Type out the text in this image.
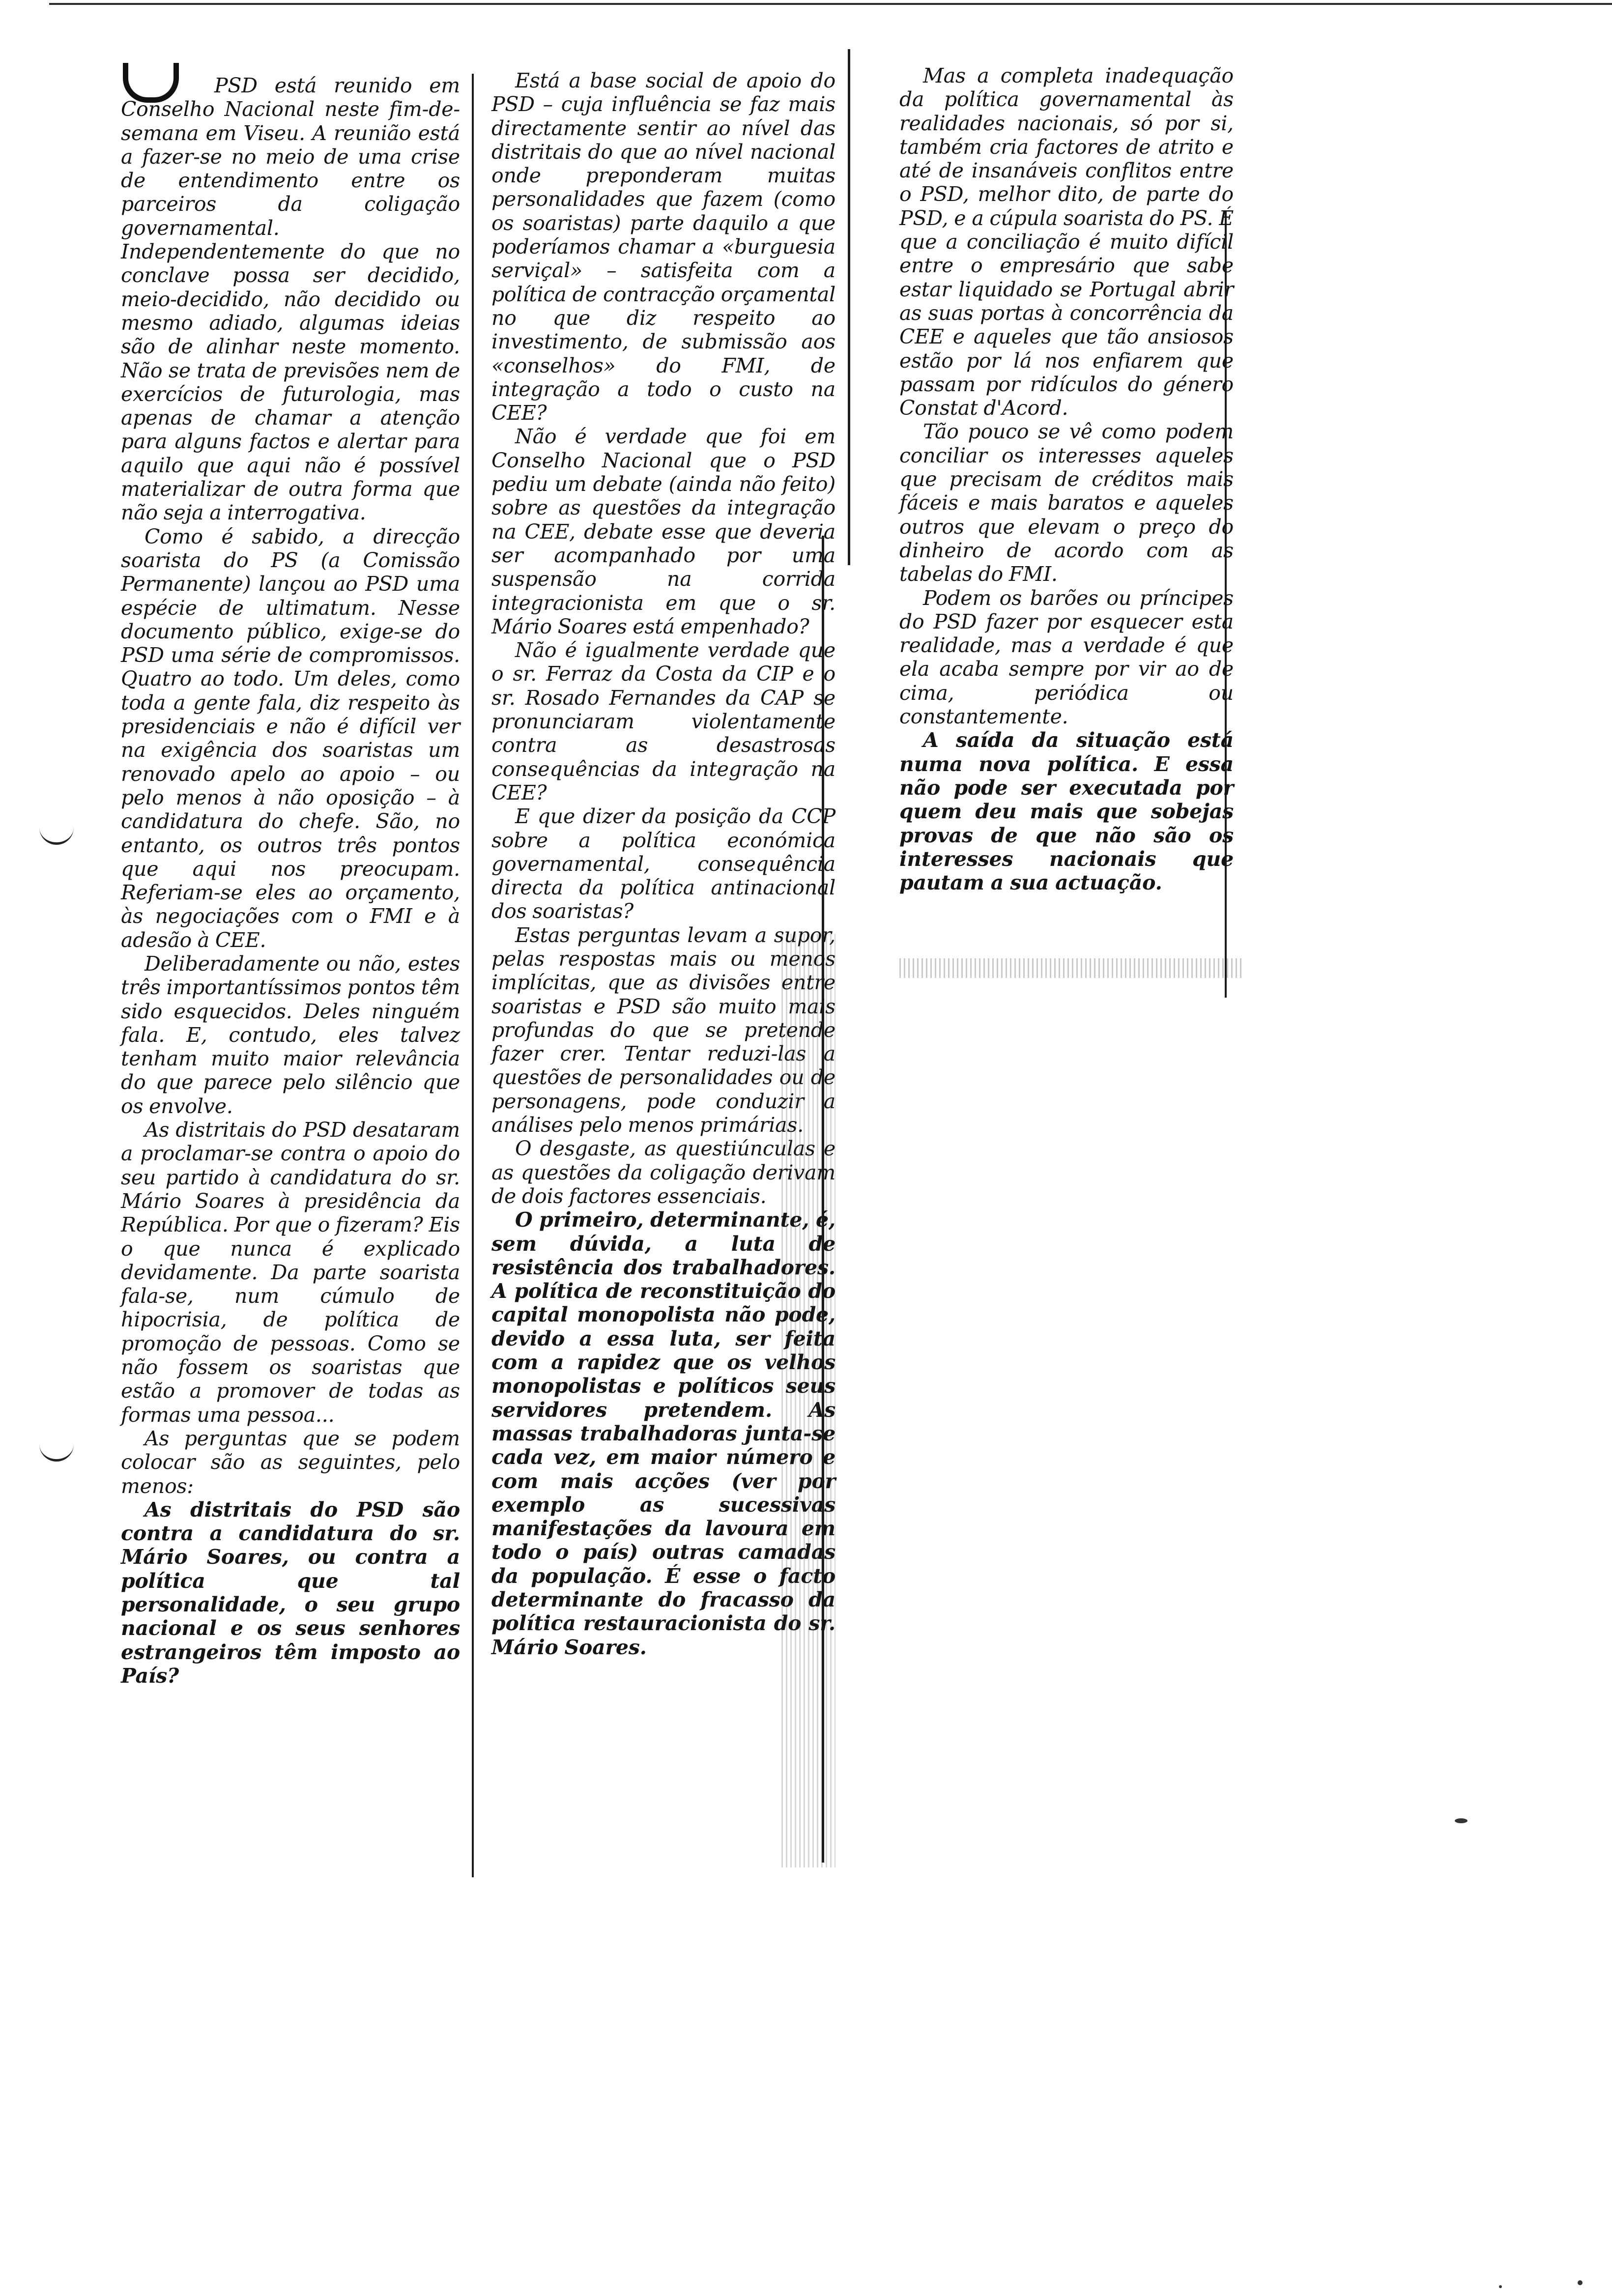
PSD está reunido em Conselho Nacional neste fim-de-semana em Viseu. A reunião está a fazer-se no meio de uma crise de entendimento entre os parceiros da coligação governamental. Independentemente do que no conclave possa ser decidido, meio-decidido, não decidido ou mesmo adiado, algumas ideias são de alinhar neste momento. Não se trata de previsões nem de exercícios de futurologia, mas apenas de chamar a atenção para alguns factos e alertar para aquilo que aqui não é possível materializar de outra forma que não seja a interrogativa.

Como é sabido, a direcção soarista do PS (a Comissão Permanente) lançou ao PSD uma espécie de ultimatum. Nesse documento público, exige-se do PSD uma série de compromissos. Quatro ao todo. Um deles, como toda a gente fala, diz respeito às presidenciais e não é difícil ver na exigência dos soaristas um renovado apelo ao apoio – ou pelo menos à não oposição – à candidatura do chefe. São, no entanto, os outros três pontos que aqui nos preocupam. Referiam-se eles ao orçamento, às negociações com o FMI e à adesão à CEE.

Deliberadamente ou não, estes três importantíssimos pontos têm sido esquecidos. Deles ninguém fala. E, contudo, eles talvez tenham muito maior relevância do que parece pelo silêncio que os envolve.

As distritais do PSD desataram a proclamar-se contra o apoio do seu partido à candidatura do sr. Mário Soares à presidência da República. Por que o fizeram? Eis o que nunca é explicado devidamente. Da parte soarista fala-se, num cúmulo de hipocrisia, de política de promoção de pessoas. Como se não fossem os soaristas que estão a promover de todas as formas uma pessoa...

As perguntas que se podem colocar são as seguintes, pelo menos:

As distritais do PSD são contra a candidatura do sr. Mário Soares, ou contra a política que tal personalidade, o seu grupo nacional e os seus senhores estrangeiros têm imposto ao País?

Está a base social de apoio do PSD – cuja influência se faz mais directamente sentir ao nível das distritais do que ao nível nacional onde preponderam muitas personalidades que fazem (como os soaristas) parte daquilo a que poderíamos chamar a «burguesia serviçal» – satisfeita com a política de contracção orçamental no que diz respeito ao investimento, de submissão aos «conselhos» do FMI, de integração a todo o custo na CEE?

Não é verdade que foi em Conselho Nacional que o PSD pediu um debate (ainda não feito) sobre as questões da integração na CEE, debate esse que deveria ser acompanhado por uma suspensão na corrida integracionista em que o sr. Mário Soares está empenhado?

Não é igualmente verdade que o sr. Ferraz da Costa da CIP e o sr. Rosado Fernandes da CAP se pronunciaram violentamente contra as desastrosas consequências da integração na CEE?

E que dizer da posição da CCP sobre a política económica governamental, consequência directa da política antinacional dos soaristas?

Estas perguntas levam a supor, pelas respostas mais ou menos implícitas, que as divisões entre soaristas e PSD são muito mais profundas do que se pretende fazer crer. Tentar reduzi-las a questões de personalidades ou de personagens, pode conduzir a análises pelo menos primárias.

O desgaste, as questiúnculas e as questões da coligação derivam de dois factores essenciais.

O primeiro, determinante, é, sem dúvida, a luta de resistência dos trabalhadores. A política de reconstituição do capital monopolista não pode, devido a essa luta, ser feita com a rapidez que os velhos monopolistas e políticos seus servidores pretendem. As massas trabalhadoras junta-se cada vez, em maior número e com mais acções (ver por exemplo as sucessivas manifestações da lavoura em todo o país) outras camadas da população. É esse o facto determinante do fracasso da política restauracionista do sr. Mário Soares.

Mas a completa inadequação da política governamental às realidades nacionais, só por si, também cria factores de atrito e até de insanáveis conflitos entre o PSD, melhor dito, de parte do PSD, e a cúpula soarista do PS. É que a conciliação é muito difícil entre o empresário que sabe estar liquidado se Portugal abrir as suas portas à concorrência da CEE e aqueles que tão ansiosos estão por lá nos enfiarem que passam por ridículos do género Constat d'Acord.

Tão pouco se vê como podem conciliar os interesses aqueles que precisam de créditos mais fáceis e mais baratos e aqueles outros que elevam o preço do dinheiro de acordo com as tabelas do FMI.

Podem os barões ou príncipes do PSD fazer por esquecer esta realidade, mas a verdade é que ela acaba sempre por vir ao de cima, periódica ou constantemente.

A saída da situação está numa nova política. E essa não pode ser executada por quem deu mais que sobejas provas de que não são os interesses nacionais que pautam a sua actuação.
